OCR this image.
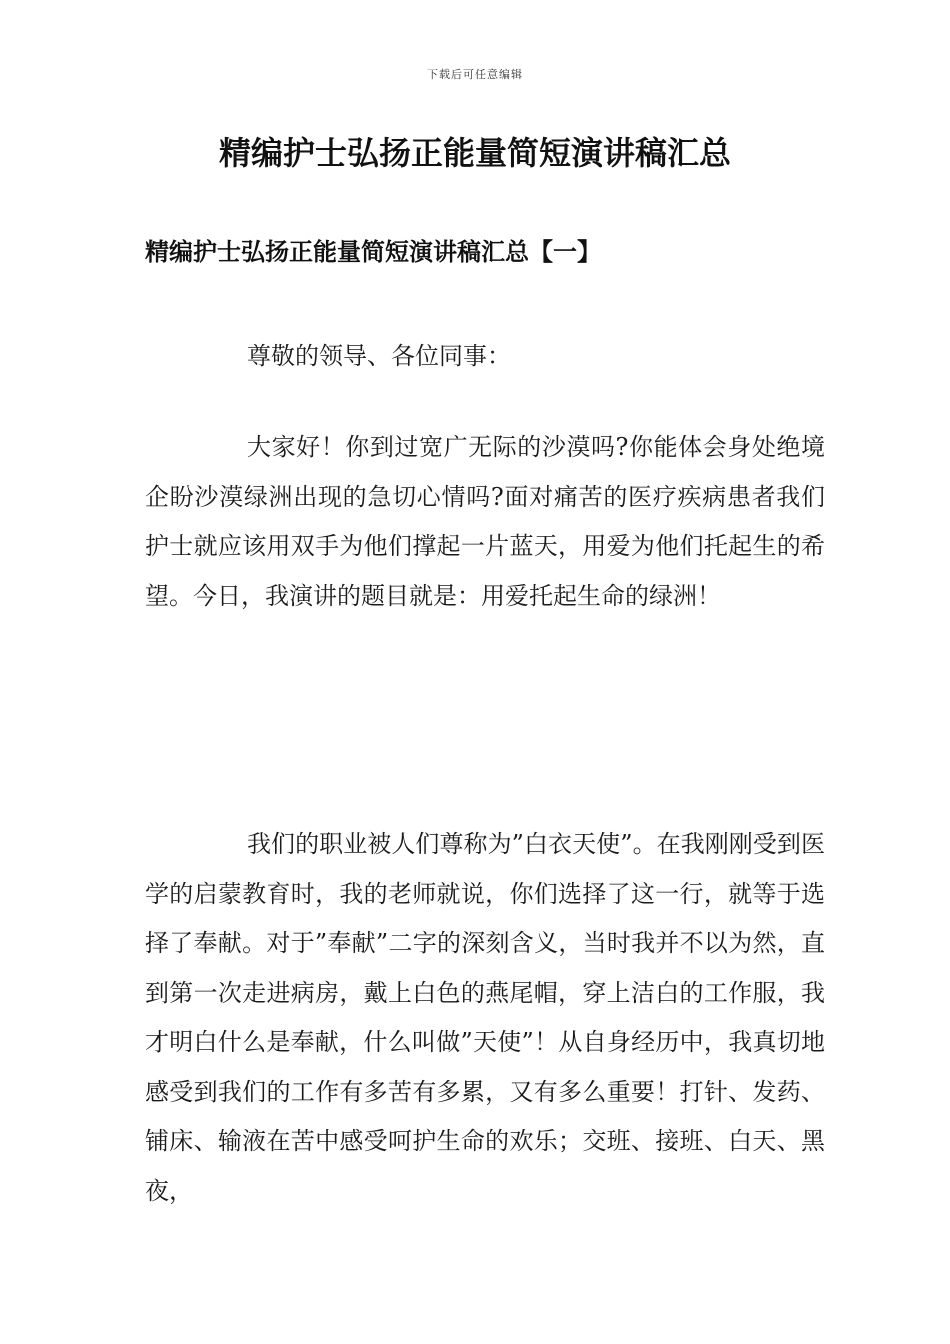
下载后可任意编辑
精编护士弘扬正能量简短演讲稿汇总
精编护士弘扬正能量简短演讲稿汇总【一】

尊敬的领导、各位同事：

大家好！你到过宽广无际的沙漠吗?你能体会身处绝境企盼沙漠绿洲出现的急切心情吗?面对痛苦的医疗疾病患者我们护士就应该用双手为他们撑起一片蓝天，用爱为他们托起生的希望。今日，我演讲的题目就是：用爱托起生命的绿洲！

我们的职业被人们尊称为”白衣天使”。在我刚刚受到医学的启蒙教育时，我的老师就说，你们选择了这一行，就等于选择了奉献。对于”奉献”二字的深刻含义，当时我并不以为然，直到第一次走进病房，戴上白色的燕尾帽，穿上洁白的工作服，我才明白什么是奉献，什么叫做”天使”！从自身经历中，我真切地感受到我们的工作有多苦有多累，又有多么重要！打针、发药、铺床、输液在苦中感受呵护生命的欢乐；交班、接班、白天、黑夜，
